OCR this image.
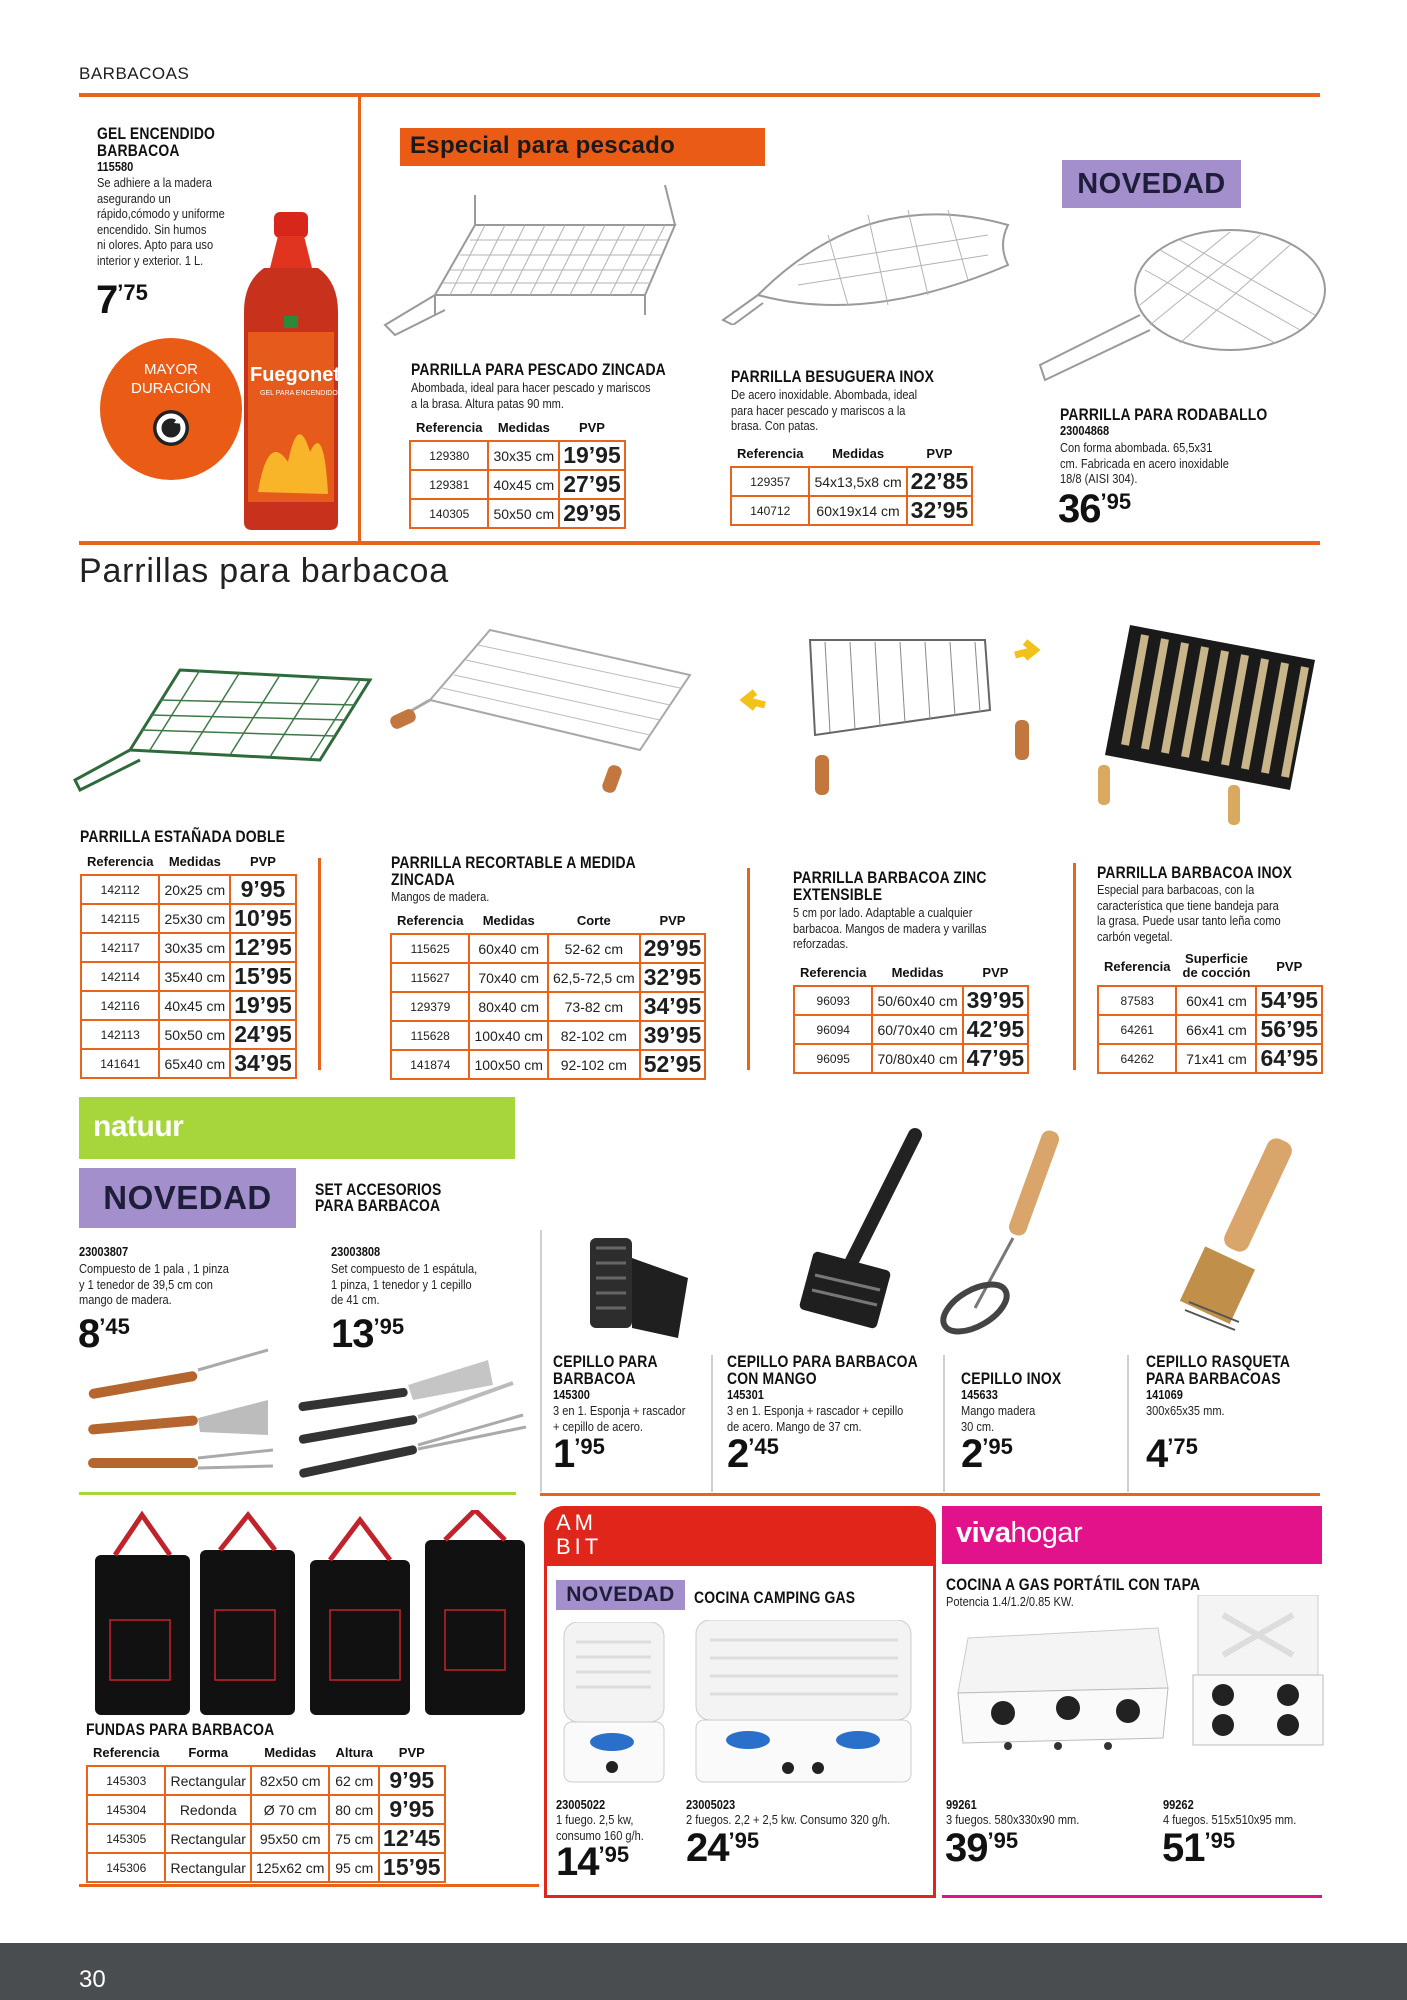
BARBACOAS
GEL ENCENDIDO BARBACOA
115580
Se adhiere a la madera
asegurando un
rápido,cómodo y uniforme
encendido. Sin humos
ni olores. Apto para uso
interior y exterior. 1 L.
7’75
MAYOR
DURACIÓN
Fuegonet
GEL PARA ENCENDIDO
Especial para pescado
NOVEDAD
PARRILLA PARA PESCADO ZINCADA
Abombada, ideal para hacer pescado y mariscos
a la brasa. Altura patas 90 mm.
Referencia	Medidas	PVP
129380	30x35 cm	19’95
129381	40x45 cm	27’95
140305	50x50 cm	29’95
PARRILLA BESUGUERA INOX
De acero inoxidable. Abombada, ideal
para hacer pescado y mariscos a la
brasa. Con patas.
Referencia	Medidas	PVP
129357	54x13,5x8 cm	22’85
140712	60x19x14 cm	32’95
PARRILLA PARA RODABALLO
23004868
Con forma abombada. 65,5x31
cm. Fabricada en acero inoxidable
18/8 (AISI 304).
36’95
Parrillas para barbacoa
PARRILLA ESTAÑADA DOBLE
Referencia	Medidas	PVP
142112	20x25 cm	9’95
142115	25x30 cm	10’95
142117	30x35 cm	12’95
142114	35x40 cm	15’95
142116	40x45 cm	19’95
142113	50x50 cm	24’95
141641	65x40 cm	34’95
PARRILLA RECORTABLE A MEDIDA
ZINCADA
Mangos de madera.
Referencia	Medidas	Corte	PVP
115625	60x40 cm	52-62 cm	29’95
115627	70x40 cm	62,5-72,5 cm	32’95
129379	80x40 cm	73-82 cm	34’95
115628	100x40 cm	82-102 cm	39’95
141874	100x50 cm	92-102 cm	52’95
PARRILLA BARBACOA ZINC
EXTENSIBLE
5 cm por lado. Adaptable a cualquier
barbacoa. Mangos de madera y varillas
reforzadas.
Referencia	Medidas	PVP
96093	50/60x40 cm	39’95
96094	60/70x40 cm	42’95
96095	70/80x40 cm	47’95
PARRILLA BARBACOA INOX
Especial para barbacoas, con la
característica que tiene bandeja para
la grasa. Puede usar tanto leña como
carbón vegetal.
Referencia	Superficie de cocción	PVP
87583	60x41 cm	54’95
64261	66x41 cm	56’95
64262	71x41 cm	64’95
natuur
NOVEDAD	SET ACCESORIOS
PARA BARBACOA
23003807
Compuesto de 1 pala , 1 pinza
y 1 tenedor de 39,5 cm con
mango de madera.
8’45
23003808
Set compuesto de 1 espátula,
1 pinza, 1 tenedor y 1 cepillo
de 41 cm.
13’95
CEPILLO PARA
BARBACOA
145300
3 en 1. Esponja + rascador
+ cepillo de acero.
1’95
CEPILLO PARA BARBACOA
CON MANGO
145301
3 en 1. Esponja + rascador + cepillo
de acero. Mango de 37 cm.
2’45
CEPILLO INOX
145633
Mango madera
30 cm.
2’95
CEPILLO RASQUETA
PARA BARBACOAS
141069
300x65x35 mm.
4’75
FUNDAS PARA BARBACOA
Referencia	Forma	Medidas	Altura	PVP
145303	Rectangular	82x50 cm	62 cm	9’95
145304	Redonda	Ø 70 cm	80 cm	9’95
145305	Rectangular	95x50 cm	75 cm	12’45
145306	Rectangular	125x62 cm	95 cm	15’95
AM
BIT
NOVEDAD	COCINA CAMPING GAS
23005022
1 fuego. 2,5 kw,
consumo 160 g/h.
14’95
23005023
2 fuegos. 2,2 + 2,5 kw. Consumo 320 g/h.
24’95
vivahogar
COCINA A GAS PORTÁTIL CON TAPA
Potencia 1.4/1.2/0.85 KW.
99261
3 fuegos. 580x330x90 mm.
39’95
99262
4 fuegos. 515x510x95 mm.
51’95
30
